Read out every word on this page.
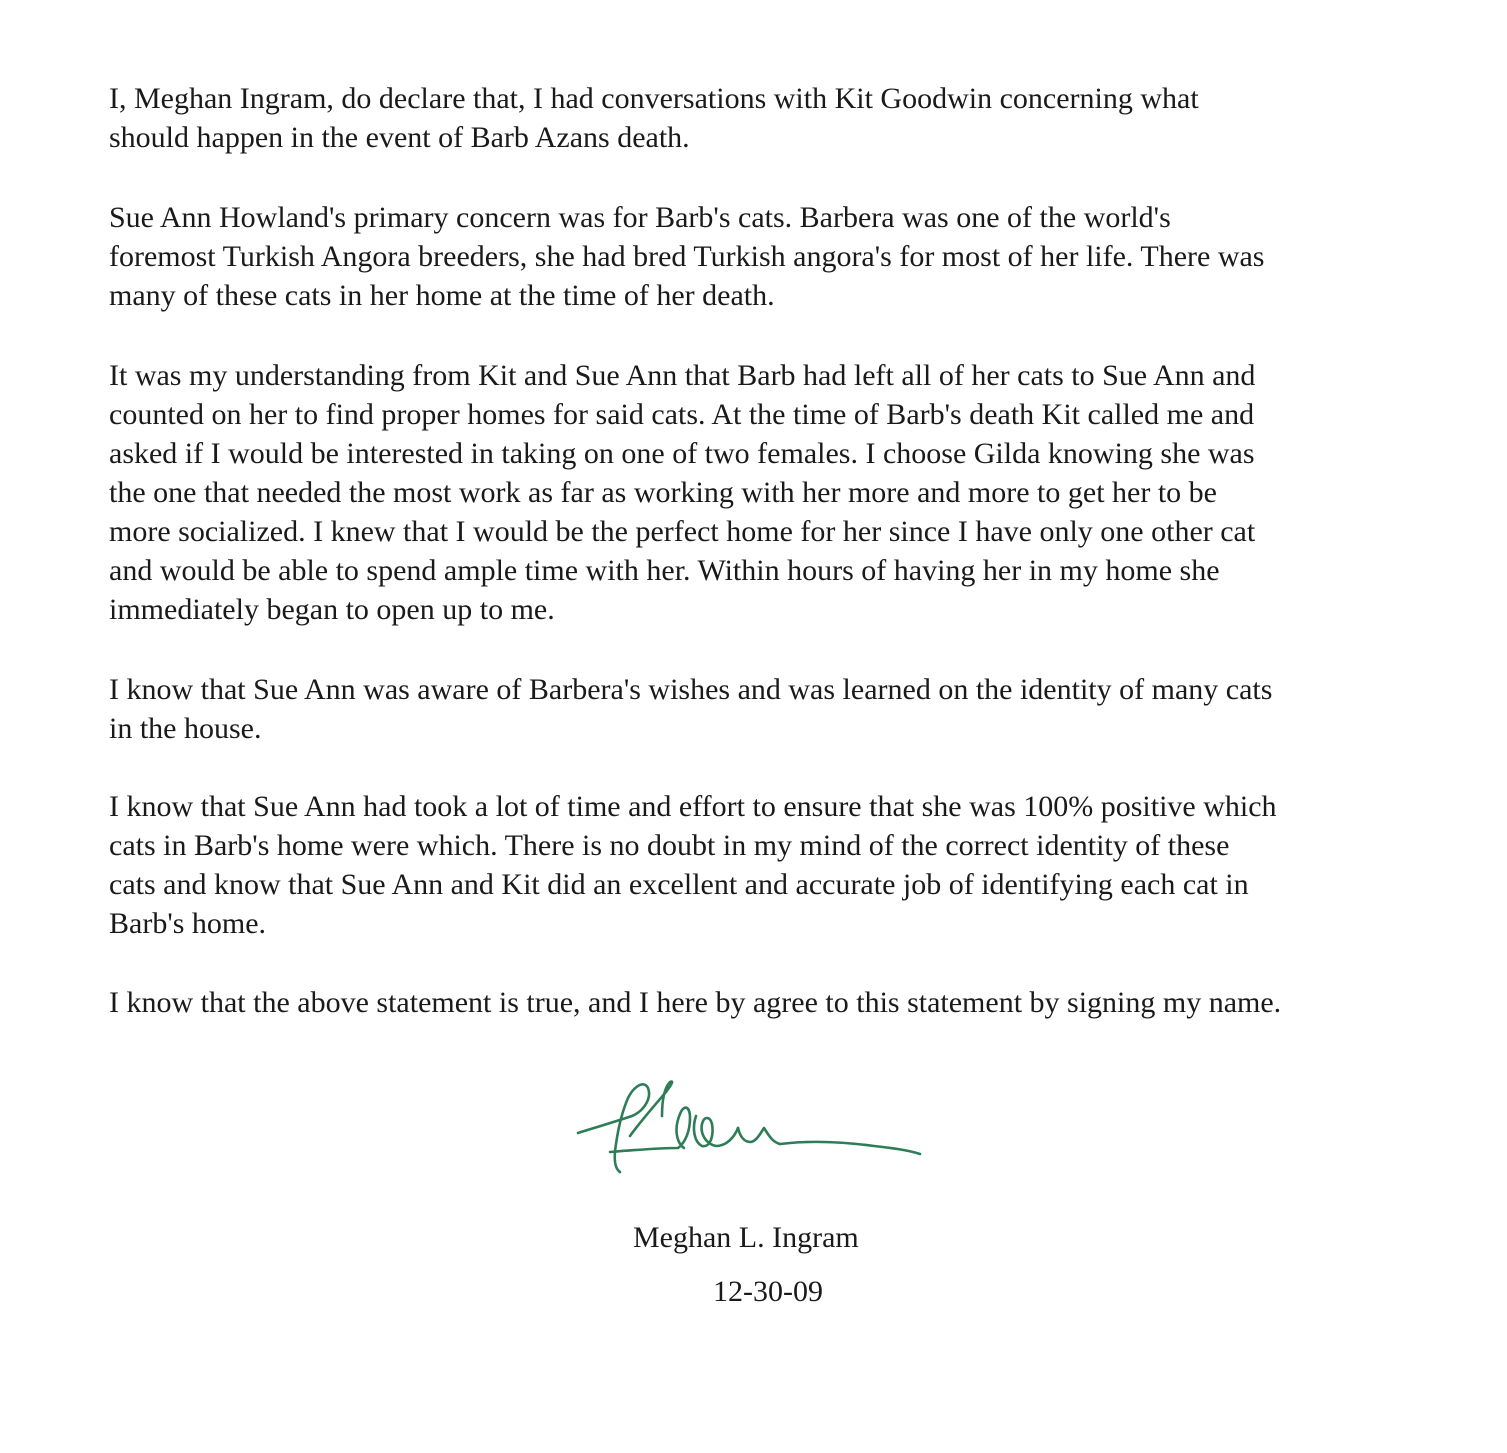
I, Meghan Ingram, do declare that, I had conversations with Kit Goodwin concerning what
should happen in the event of Barb Azans death.

Sue Ann Howland's primary concern was for Barb's cats. Barbera was one of the world's
foremost Turkish Angora breeders, she had bred Turkish angora's for most of her life. There was
many of these cats in her home at the time of her death.

It was my understanding from Kit and Sue Ann that Barb had left all of her cats to Sue Ann and
counted on her to find proper homes for said cats. At the time of Barb's death Kit called me and
asked if I would be interested in taking on one of two females. I choose Gilda knowing she was
the one that needed the most work as far as working with her more and more to get her to be
more socialized. I knew that I would be the perfect home for her since I have only one other cat
and would be able to spend ample time with her. Within hours of having her in my home she
immediately began to open up to me.

I know that Sue Ann was aware of Barbera's wishes and was learned on the identity of many cats
in the house.

I know that Sue Ann had took a lot of time and effort to ensure that she was 100% positive which
cats in Barb's home were which. There is no doubt in my mind of the correct identity of these
cats and know that Sue Ann and Kit did an excellent and accurate job of identifying each cat in
Barb's home.

I know that the above statement is true, and I here by agree to this statement by signing my name.

Meghan L. Ingram
12-30-09
